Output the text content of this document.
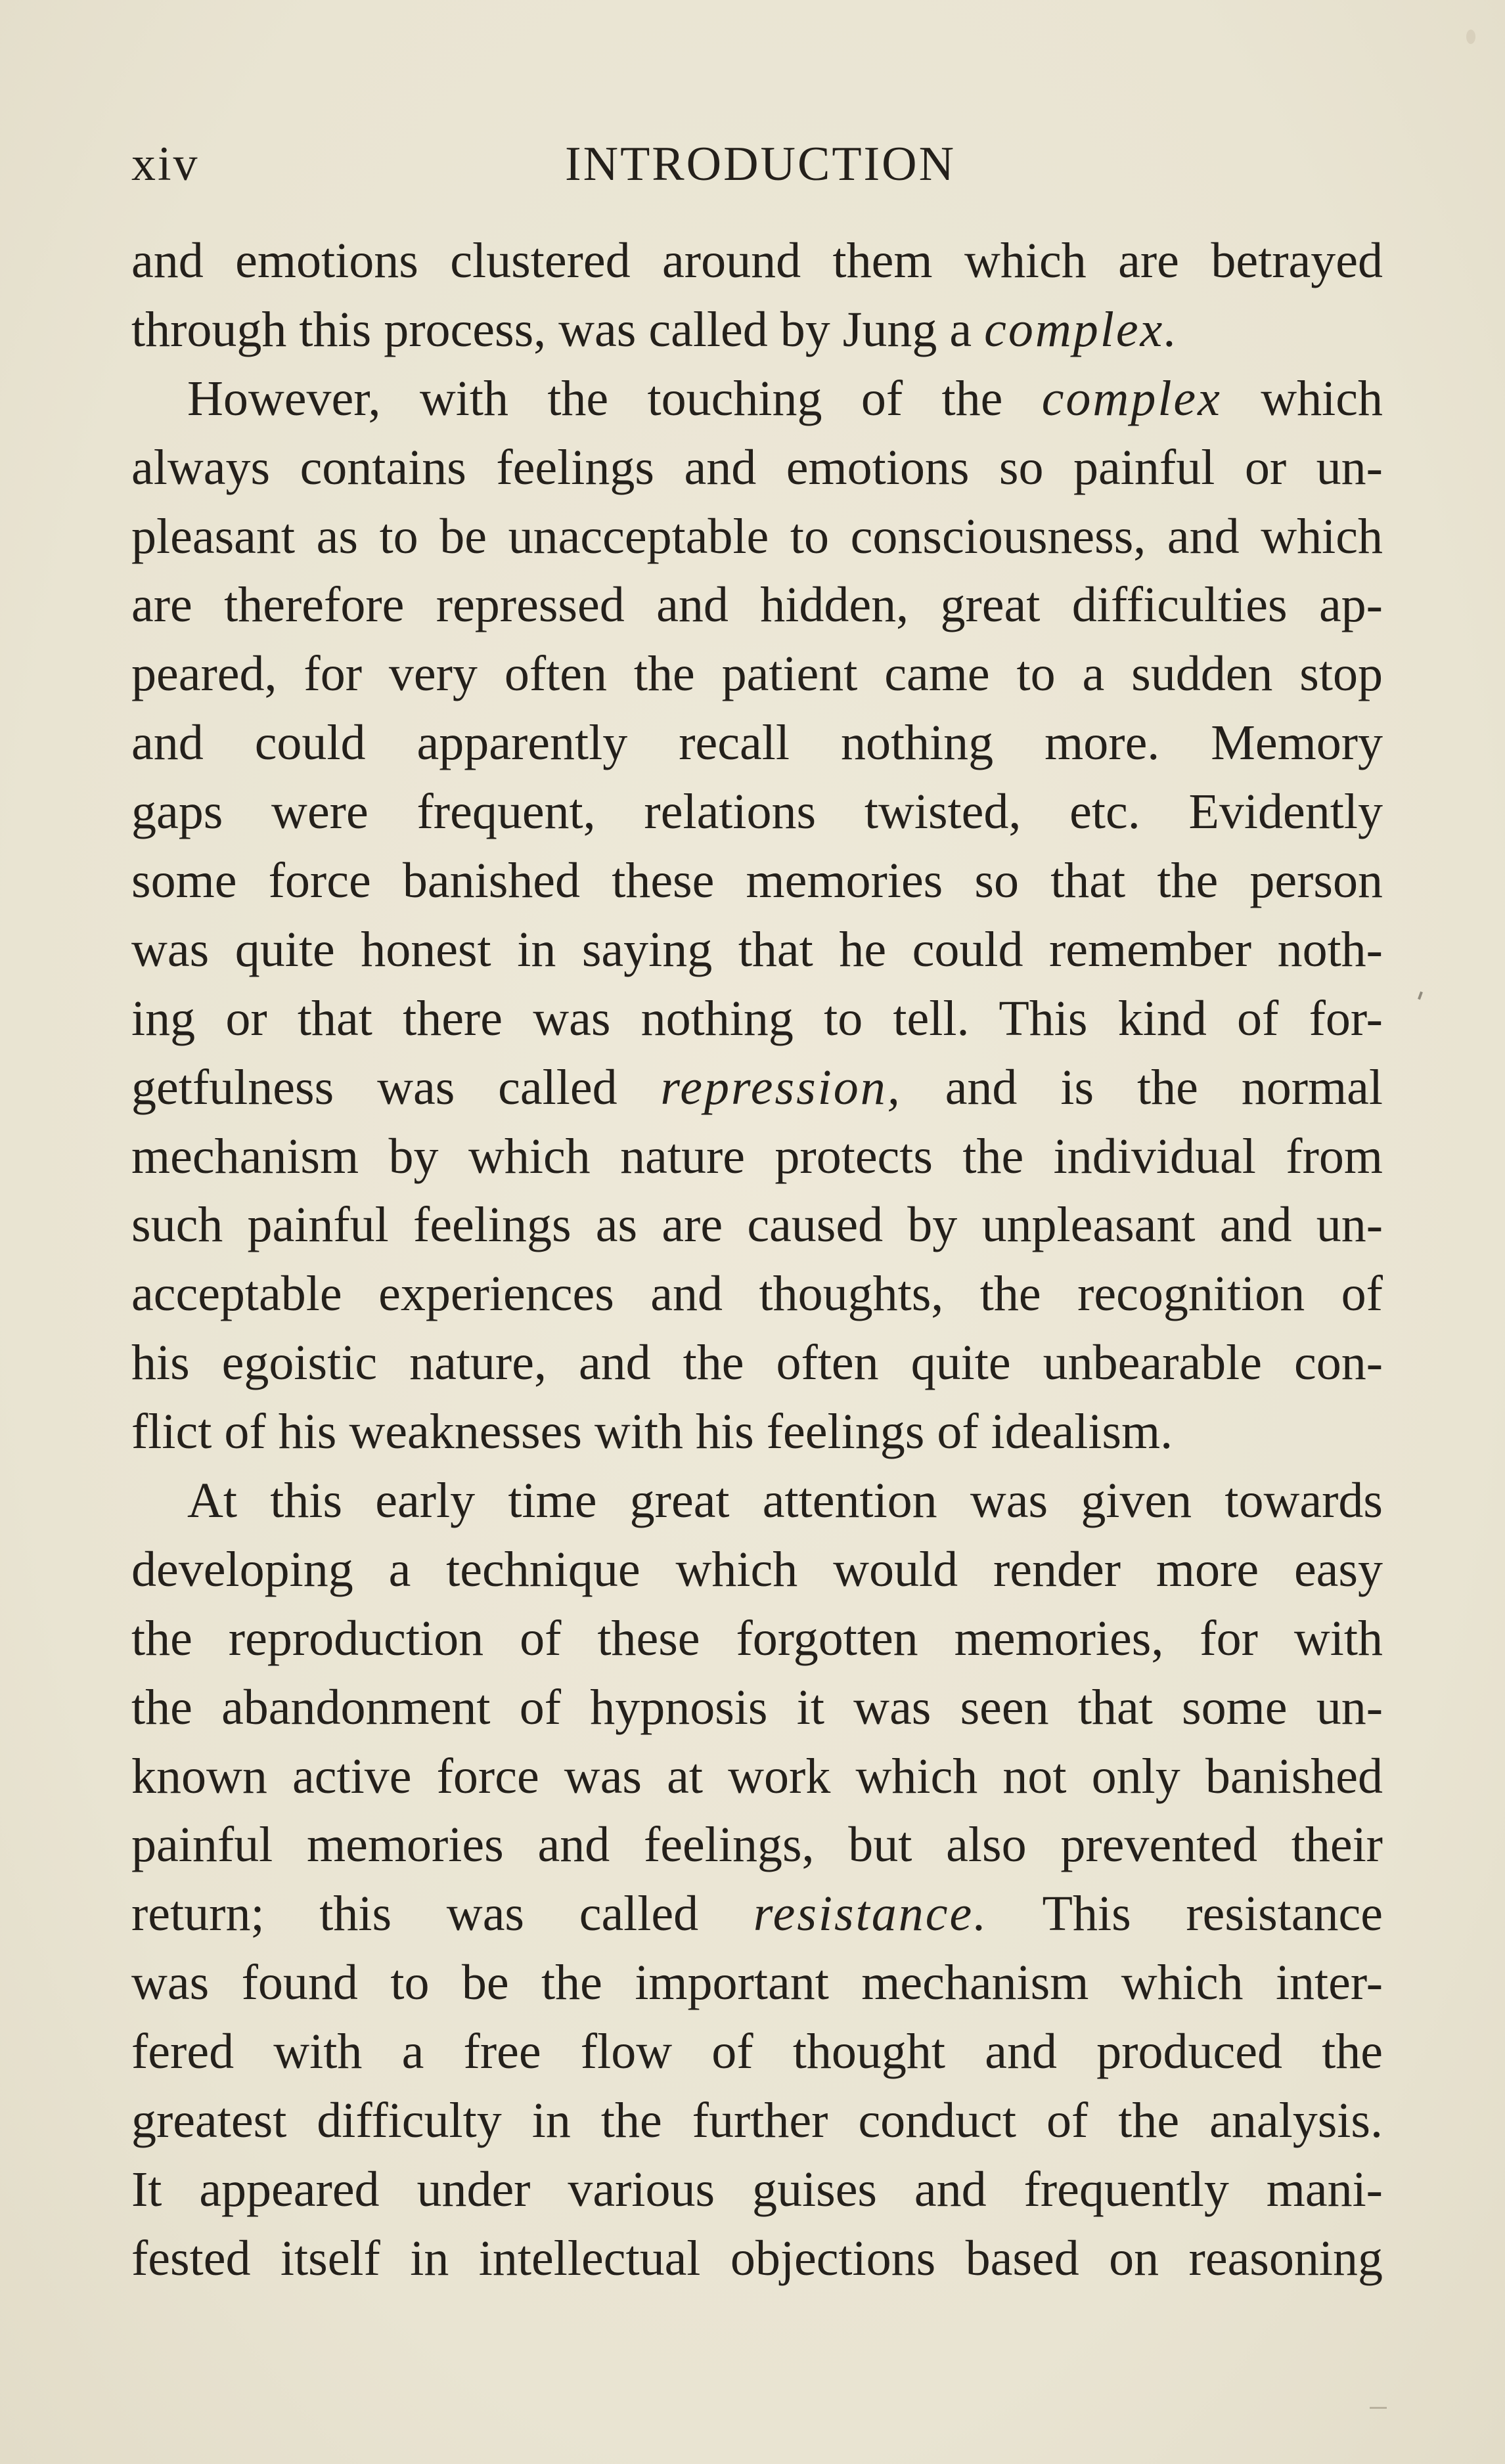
xiv	INTRODUCTION
and emotions clustered around them which are betrayed
through this process, was called by Jung a complex.
However, with the touching of the complex which
always contains feelings and emotions so painful or un-
pleasant as to be unacceptable to consciousness, and which
are therefore repressed and hidden, great difficulties ap-
peared, for very often the patient came to a sudden stop
and could apparently recall nothing more. Memory
gaps were frequent, relations twisted, etc. Evidently
some force banished these memories so that the person
was quite honest in saying that he could remember noth-
ing or that there was nothing to tell. This kind of for-
getfulness was called repression, and is the normal
mechanism by which nature protects the individual from
such painful feelings as are caused by unpleasant and un-
acceptable experiences and thoughts, the recognition of
his egoistic nature, and the often quite unbearable con-
flict of his weaknesses with his feelings of idealism.
At this early time great attention was given towards
developing a technique which would render more easy
the reproduction of these forgotten memories, for with
the abandonment of hypnosis it was seen that some un-
known active force was at work which not only banished
painful memories and feelings, but also prevented their
return; this was called resistance. This resistance
was found to be the important mechanism which inter-
fered with a free flow of thought and produced the
greatest difficulty in the further conduct of the analysis.
It appeared under various guises and frequently mani-
fested itself in intellectual objections based on reasoning
